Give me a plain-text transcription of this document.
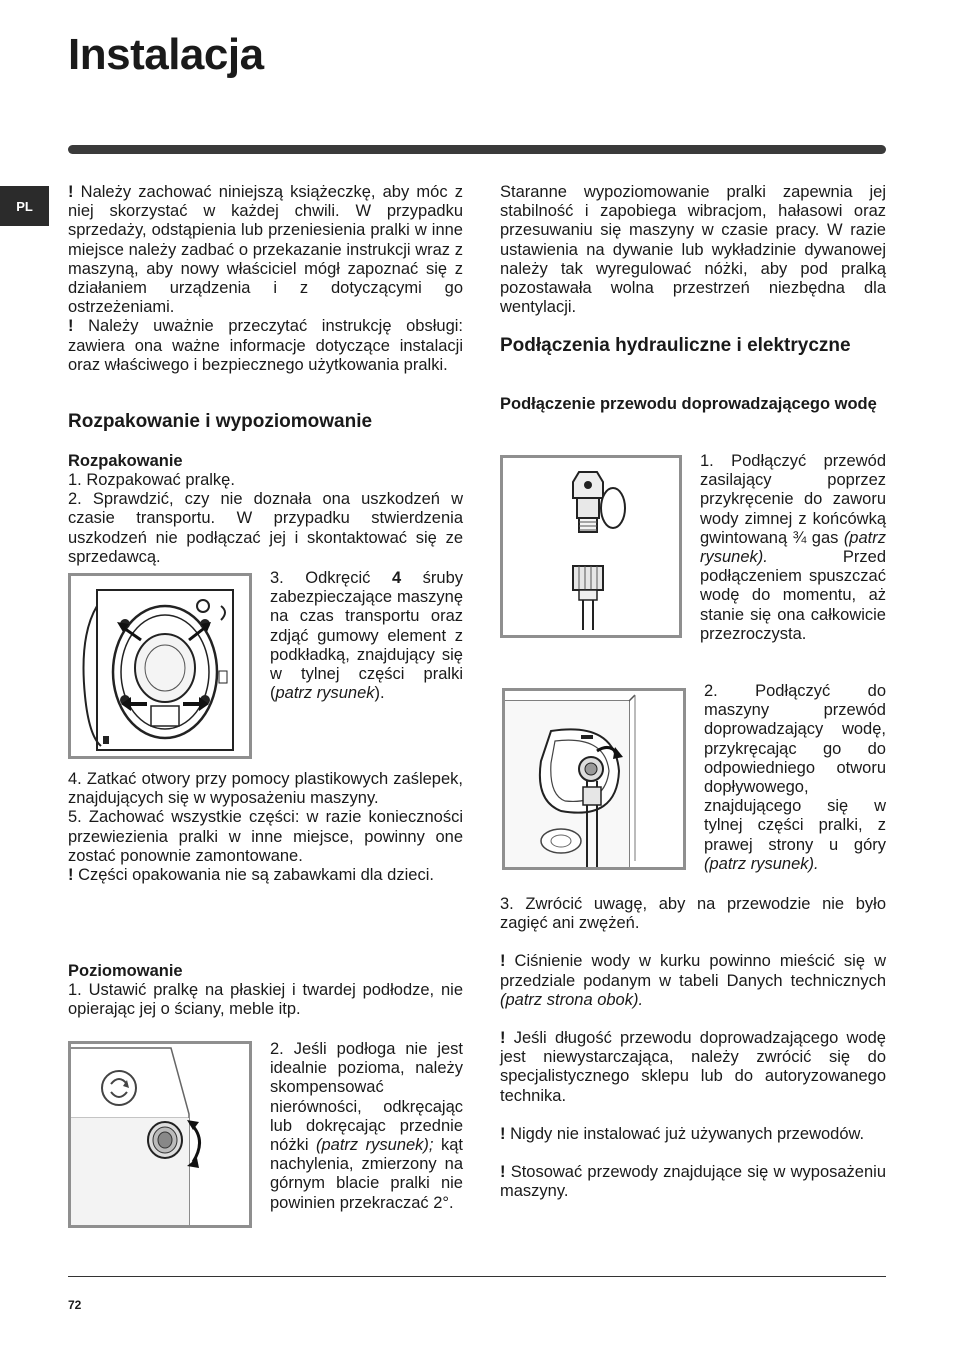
Instalacja
PL

! Należy zachować niniejszą książeczkę, aby móc z niej skorzystać w każdej chwili. W przypadku sprzedaży, odstąpienia lub przeniesienia pralki w inne miejsce należy zadbać o przekazanie instrukcji wraz z maszyną, aby nowy właściciel mógł zapoznać się z działaniem urządzenia i z dotyczącymi go ostrzeżeniami.

! Należy uważnie przeczytać instrukcję obsługi: zawiera ona ważne informacje dotyczące instalacji oraz właściwego i bezpiecznego użytkowania pralki.

Rozpakowanie i wypoziomowanie
Rozpakowanie

1. Rozpakować pralkę.

2. Sprawdzić, czy nie doznała ona uszkodzeń w czasie transportu. W przypadku stwierdzenia uszkodzeń nie podłączać jej i skontaktować się ze sprzedawcą.

3. Odkręcić 4 śruby zabezpieczające maszynę na czas transportu oraz zdjąć gumowy element z podkładką, znajdujący się w tylnej części pralki (patrz rysunek).

4. Zatkać otwory przy pomocy plastikowych zaślepek, znajdujących się w wyposażeniu maszyny.

5. Zachować wszystkie części: w razie konieczności przewiezienia pralki w inne miejsce, powinny one zostać ponownie zamontowane.

! Części opakowania nie są zabawkami dla dzieci.

Poziomowanie

1. Ustawić pralkę na płaskiej i twardej podłodze, nie opierając jej o ściany, meble itp.

2. Jeśli podłoga nie jest idealnie pozioma, należy skompensować nierówności, odkręcając lub dokręcając przednie nóżki (patrz rysunek); kąt nachylenia, zmierzony na górnym blacie pralki nie powinien przekraczać 2°.

Staranne wypoziomowanie pralki zapewnia jej stabilność i zapobiega wibracjom, hałasowi oraz przesuwaniu się maszyny w czasie pracy. W razie ustawienia na dywanie lub wykładzinie dywanowej należy tak wyregulować nóżki, aby pod pralką pozostawała wolna przestrzeń niezbędna dla wentylacji.

Podłączenia hydrauliczne i elektryczne
Podłączenie przewodu doprowadzającego wodę

1. Podłączyć przewód zasilający poprzez przykręcenie do zaworu wody zimnej z końcówką gwintowaną ¾ gas (patrz rysunek). Przed podłączeniem spuszczać wodę do momentu, aż stanie się ona całkowicie przezroczysta.

2. Podłączyć do maszyny przewód doprowadzający wodę, przykręcając go do odpowiedniego otworu dopływowego, znajdującego się w tylnej części pralki, z prawej strony u góry (patrz rysunek).

3. Zwrócić uwagę, aby na przewodzie nie było zagięć ani zwężeń.

! Ciśnienie wody w kurku powinno mieścić się w przedziale podanym w tabeli Danych technicznych (patrz strona obok).

! Jeśli długość przewodu doprowadzającego wodę jest niewystarczająca, należy zwrócić się do specjalistycznego sklepu lub do autoryzowanego technika.

! Nigdy nie instalować już używanych przewodów.

! Stosować przewody znajdujące się w wyposażeniu maszyny.

72
